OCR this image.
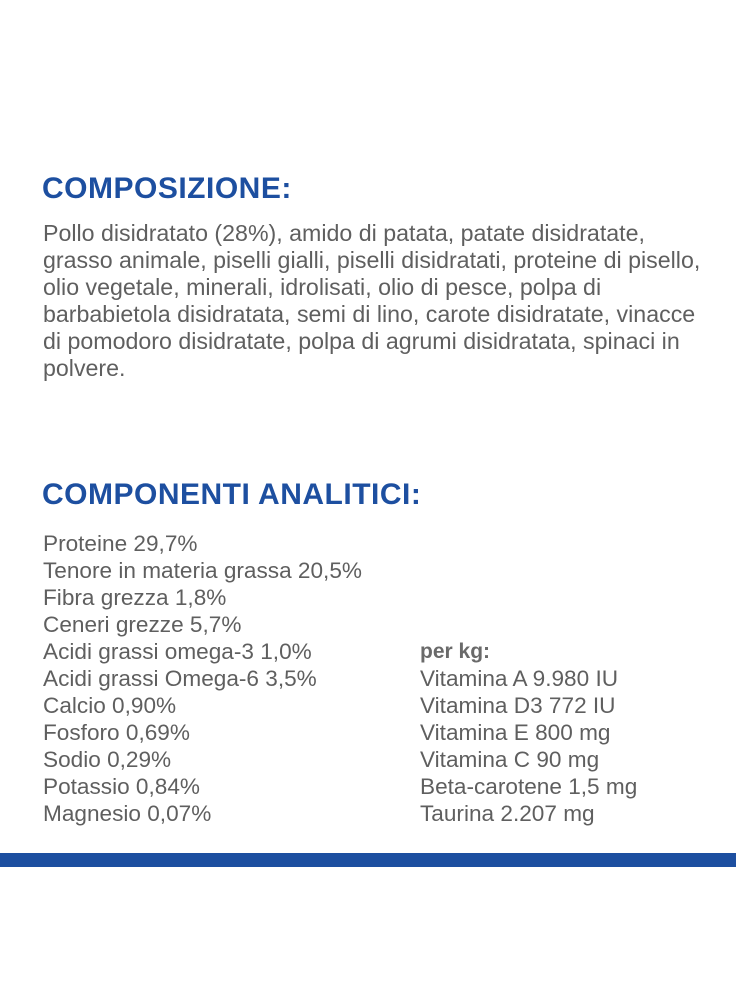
COMPOSIZIONE:

Pollo disidratato (28%), amido di patata, patate disidratate, grasso animale, piselli gialli, piselli disidratati, proteine di pisello, olio vegetale, minerali, idrolisati, olio di pesce, polpa di barbabietola disidratata, semi di lino, carote disidratate, vinacce di pomodoro disidratate, polpa di agrumi disidratata, spinaci in polvere.

COMPONENTI ANALITICI:
Proteine 29,7%
Tenore in materia grassa 20,5%
Fibra grezza 1,8%
Ceneri grezze 5,7%
Acidi grassi omega-3 1,0%
Acidi grassi Omega-6 3,5%
Calcio 0,90%
Fosforo 0,69%
Sodio 0,29%
Potassio 0,84%
Magnesio 0,07%
per kg:
Vitamina A 9.980 IU
Vitamina D3 772 IU
Vitamina E 800 mg
Vitamina C 90 mg
Beta-carotene 1,5 mg
Taurina 2.207 mg
